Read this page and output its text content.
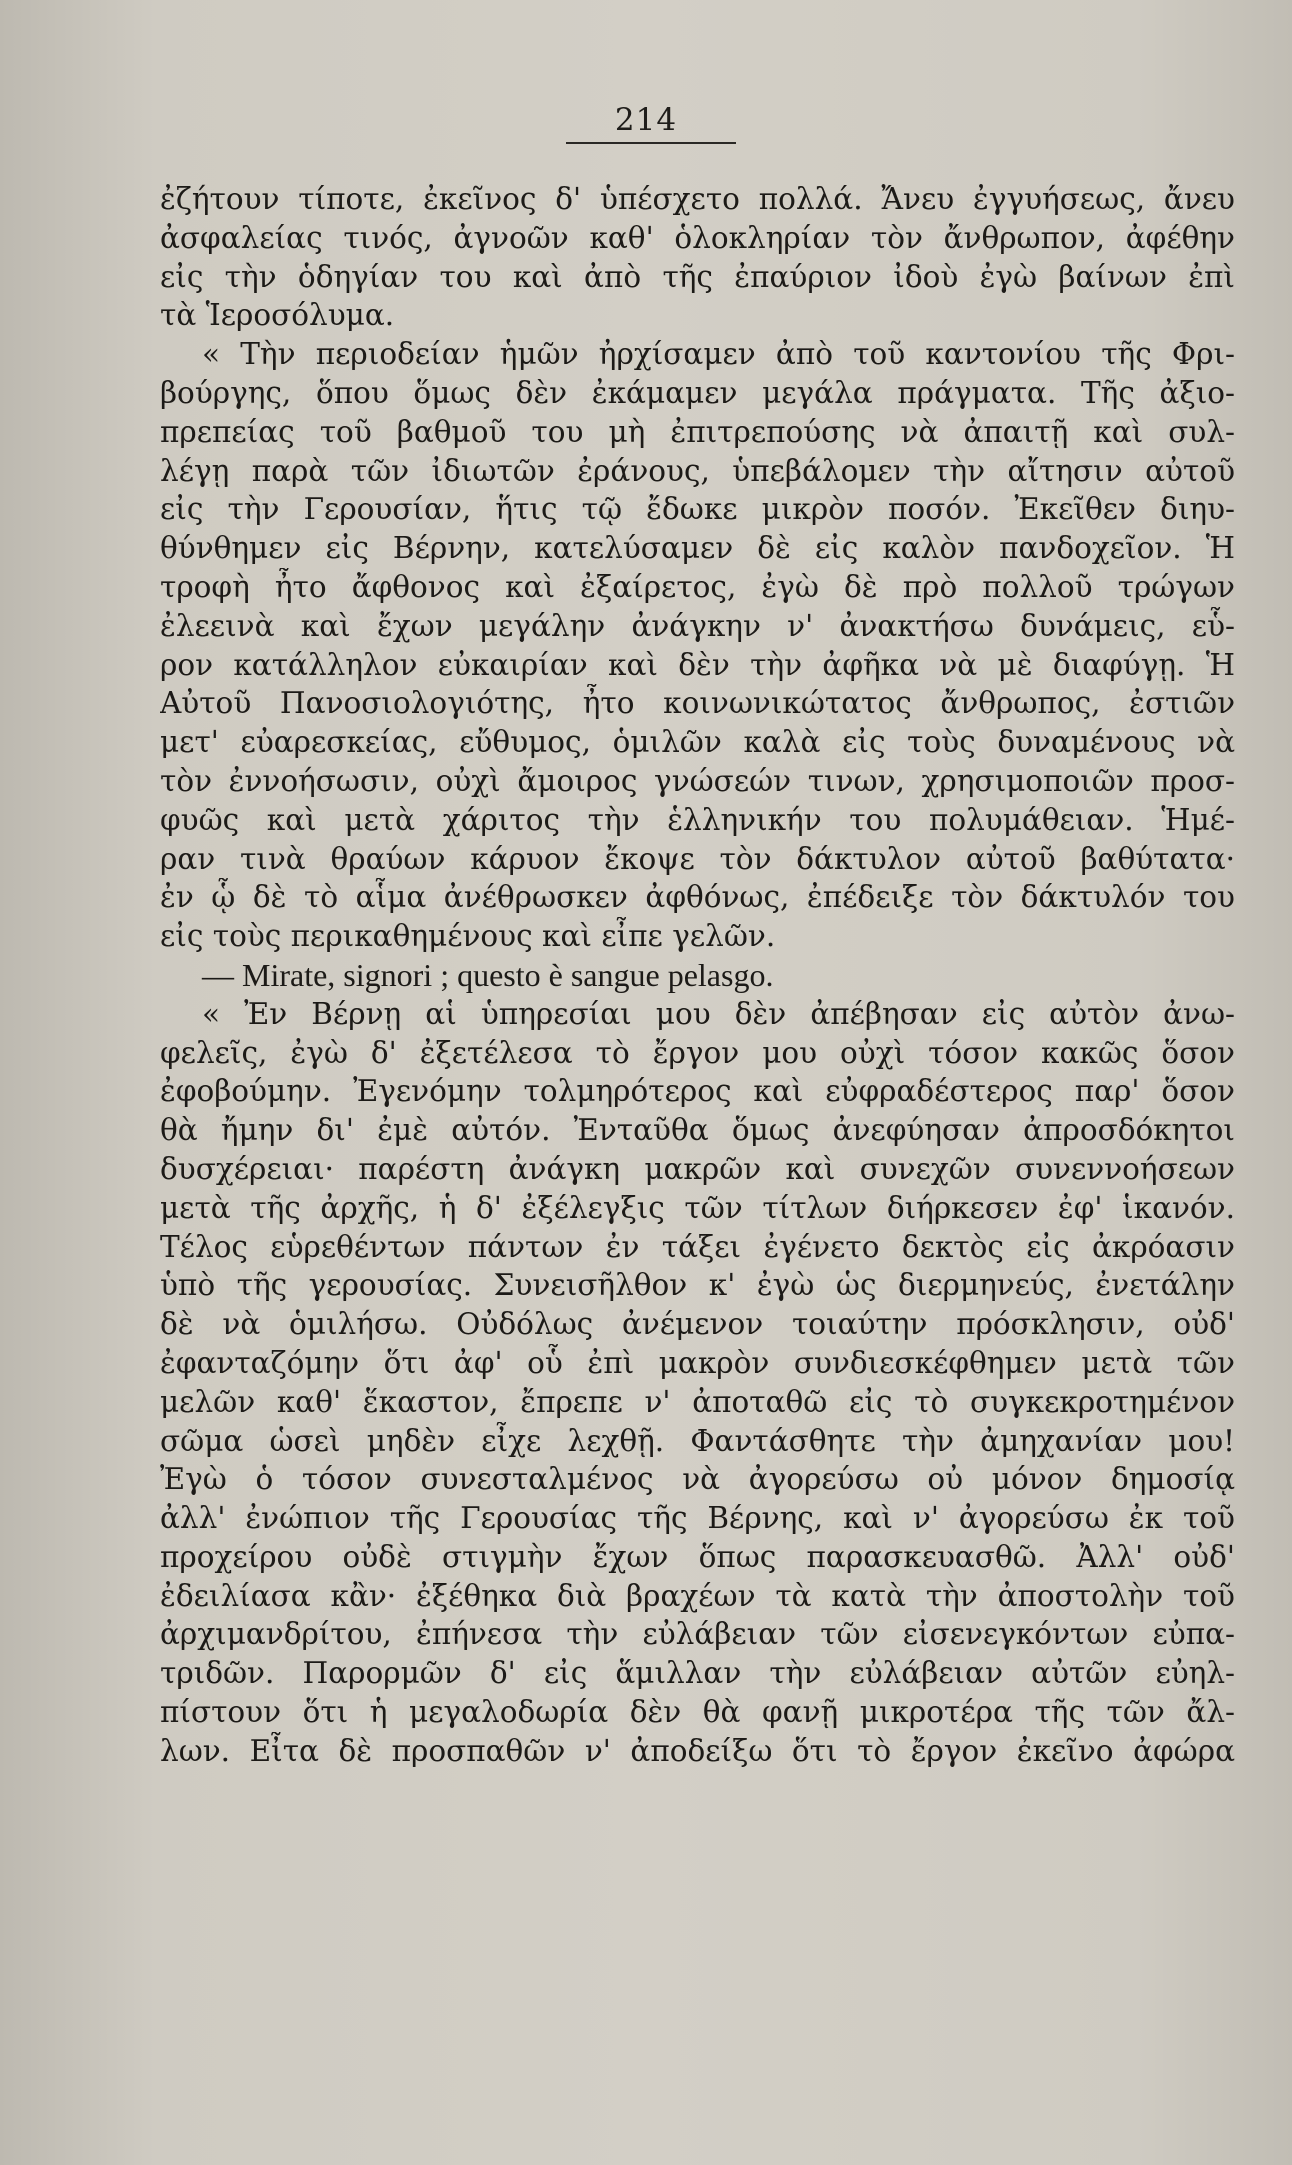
214
ἐζήτουν τίποτε, ἐκεῖνος δ' ὑπέσχετο πολλά. Ἄνευ ἐγγυήσεως, ἄνευ
ἀσφαλείας τινός, ἀγνοῶν καθ' ὁλοκληρίαν τὸν ἄνθρωπον, ἀφέθην
εἰς τὴν ὁδηγίαν του καὶ ἀπὸ τῆς ἐπαύριον ἰδοὺ ἐγὼ βαίνων ἐπὶ
τὰ Ἱεροσόλυμα.
« Τὴν περιοδείαν ἡμῶν ἠρχίσαμεν ἀπὸ τοῦ καντονίου τῆς Φρι-
βούργης, ὅπου ὅμως δὲν ἐκάμαμεν μεγάλα πράγματα. Τῆς ἀξιο-
πρεπείας τοῦ βαθμοῦ του μὴ ἐπιτρεπούσης νὰ ἀπαιτῇ καὶ συλ-
λέγῃ παρὰ τῶν ἰδιωτῶν ἐράνους, ὑπεβάλομεν τὴν αἴτησιν αὐτοῦ
εἰς τὴν Γερουσίαν, ἥτις τῷ ἔδωκε μικρὸν ποσόν. Ἐκεῖθεν διηυ-
θύνθημεν εἰς Βέρνην, κατελύσαμεν δὲ εἰς καλὸν πανδοχεῖον. Ἡ
τροφὴ ἦτο ἄφθονος καὶ ἐξαίρετος, ἐγὼ δὲ πρὸ πολλοῦ τρώγων
ἐλεεινὰ καὶ ἔχων μεγάλην ἀνάγκην ν' ἀνακτήσω δυνάμεις, εὗ-
ρον κατάλληλον εὐκαιρίαν καὶ δὲν τὴν ἀφῆκα νὰ μὲ διαφύγῃ. Ἡ
Αὐτοῦ Πανοσιολογιότης, ἦτο κοινωνικώτατος ἄνθρωπος, ἐστιῶν
μετ' εὐαρεσκείας, εὔθυμος, ὁμιλῶν καλὰ εἰς τοὺς δυναμένους νὰ
τὸν ἐννοήσωσιν, οὐχὶ ἄμοιρος γνώσεών τινων, χρησιμοποιῶν προσ-
φυῶς καὶ μετὰ χάριτος τὴν ἑλληνικήν του πολυμάθειαν. Ἡμέ-
ραν τινὰ θραύων κάρυον ἔκοψε τὸν δάκτυλον αὐτοῦ βαθύτατα·
ἐν ᾧ δὲ τὸ αἷμα ἀνέθρωσκεν ἀφθόνως, ἐπέδειξε τὸν δάκτυλόν του
εἰς τοὺς περικαθημένους καὶ εἶπε γελῶν.
— Mirate, signori ; questo è sangue pelasgo.
« Ἐν Βέρνῃ αἱ ὑπηρεσίαι μου δὲν ἀπέβησαν εἰς αὐτὸν ἀνω-
φελεῖς, ἐγὼ δ' ἐξετέλεσα τὸ ἔργον μου οὐχὶ τόσον κακῶς ὅσον
ἐφοβούμην. Ἐγενόμην τολμηρότερος καὶ εὐφραδέστερος παρ' ὅσον
θὰ ἤμην δι' ἐμὲ αὐτόν. Ἐνταῦθα ὅμως ἀνεφύησαν ἀπροσδόκητοι
δυσχέρειαι· παρέστη ἀνάγκη μακρῶν καὶ συνεχῶν συνεννοήσεων
μετὰ τῆς ἀρχῆς, ἡ δ' ἐξέλεγξις τῶν τίτλων διήρκεσεν ἐφ' ἱκανόν.
Τέλος εὑρεθέντων πάντων ἐν τάξει ἐγένετο δεκτὸς εἰς ἀκρόασιν
ὑπὸ τῆς γερουσίας. Συνεισῆλθον κ' ἐγὼ ὡς διερμηνεύς, ἐνετάλην
δὲ νὰ ὁμιλήσω. Οὐδόλως ἀνέμενον τοιαύτην πρόσκλησιν, οὐδ'
ἐφανταζόμην ὅτι ἀφ' οὗ ἐπὶ μακρὸν συνδιεσκέφθημεν μετὰ τῶν
μελῶν καθ' ἕκαστον, ἔπρεπε ν' ἀποταθῶ εἰς τὸ συγκεκροτημένον
σῶμα ὡσεὶ μηδὲν εἶχε λεχθῇ. Φαντάσθητε τὴν ἀμηχανίαν μου!
Ἐγὼ ὁ τόσον συνεσταλμένος νὰ ἀγορεύσω οὐ μόνον δημοσίᾳ
ἀλλ' ἐνώπιον τῆς Γερουσίας τῆς Βέρνης, καὶ ν' ἀγορεύσω ἐκ τοῦ
προχείρου οὐδὲ στιγμὴν ἔχων ὅπως παρασκευασθῶ. Ἀλλ' οὐδ'
ἐδειλίασα κἂν· ἐξέθηκα διὰ βραχέων τὰ κατὰ τὴν ἀποστολὴν τοῦ
ἀρχιμανδρίτου, ἐπήνεσα τὴν εὐλάβειαν τῶν εἰσενεγκόντων εὐπα-
τριδῶν. Παρορμῶν δ' εἰς ἅμιλλαν τὴν εὐλάβειαν αὐτῶν εὐηλ-
πίστουν ὅτι ἡ μεγαλοδωρία δὲν θὰ φανῇ μικροτέρα τῆς τῶν ἄλ-
λων. Εἶτα δὲ προσπαθῶν ν' ἀποδείξω ὅτι τὸ ἔργον ἐκεῖνο ἀφώρα
